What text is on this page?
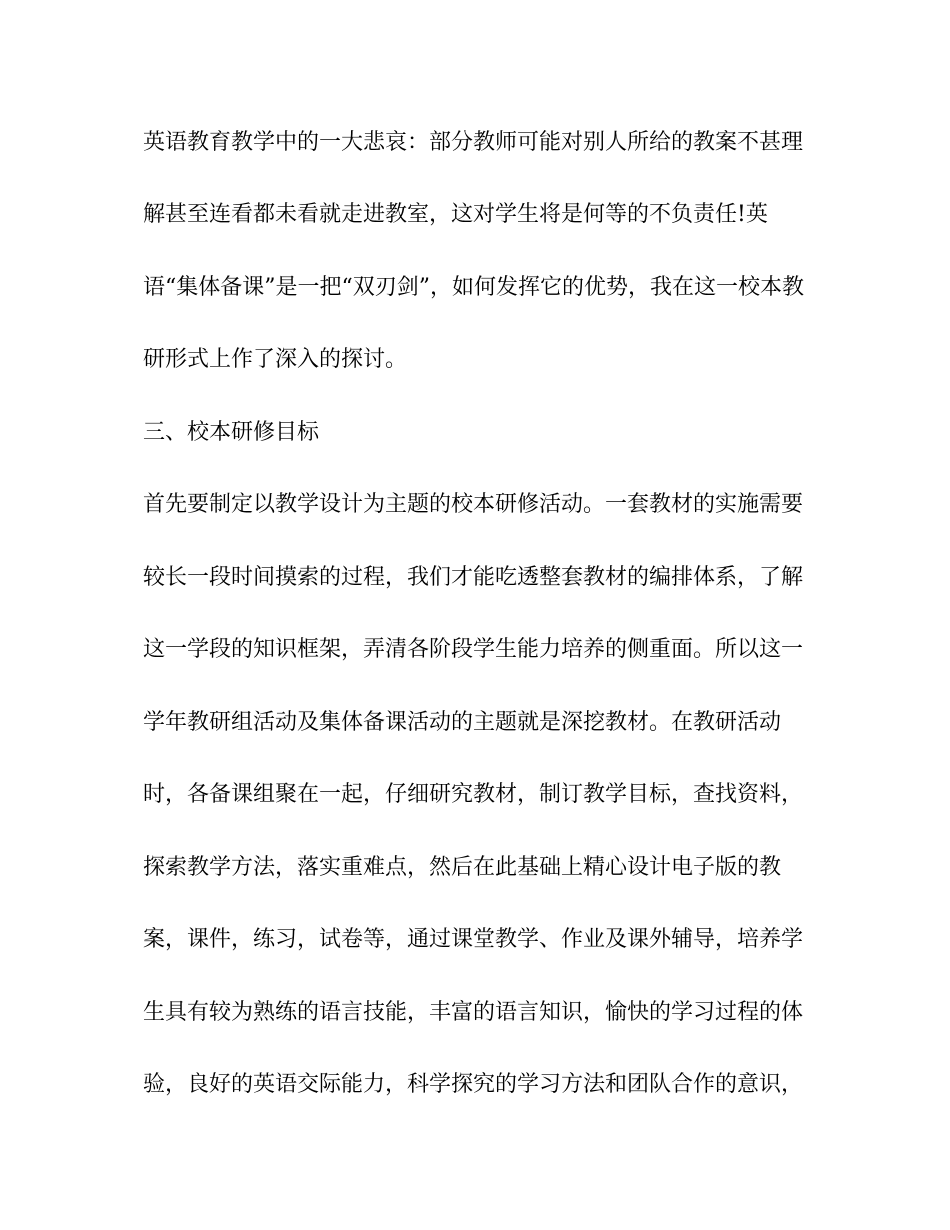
英语教育教学中的一大悲哀：部分教师可能对别人所给的教案不甚理
解甚至连看都未看就走进教室，这对学生将是何等的不负责任!英
语“集体备课”是一把“双刃剑”，如何发挥它的优势，我在这一校本教
研形式上作了深入的探讨。
三、校本研修目标
首先要制定以教学设计为主题的校本研修活动。一套教材的实施需要
较长一段时间摸索的过程，我们才能吃透整套教材的编排体系，了解
这一学段的知识框架，弄清各阶段学生能力培养的侧重面。所以这一
学年教研组活动及集体备课活动的主题就是深挖教材。在教研活动
时，各备课组聚在一起，仔细研究教材，制订教学目标，查找资料，
探索教学方法，落实重难点，然后在此基础上精心设计电子版的教
案，课件，练习，试卷等，通过课堂教学、作业及课外辅导，培养学
生具有较为熟练的语言技能，丰富的语言知识，愉快的学习过程的体
验，良好的英语交际能力，科学探究的学习方法和团队合作的意识，
